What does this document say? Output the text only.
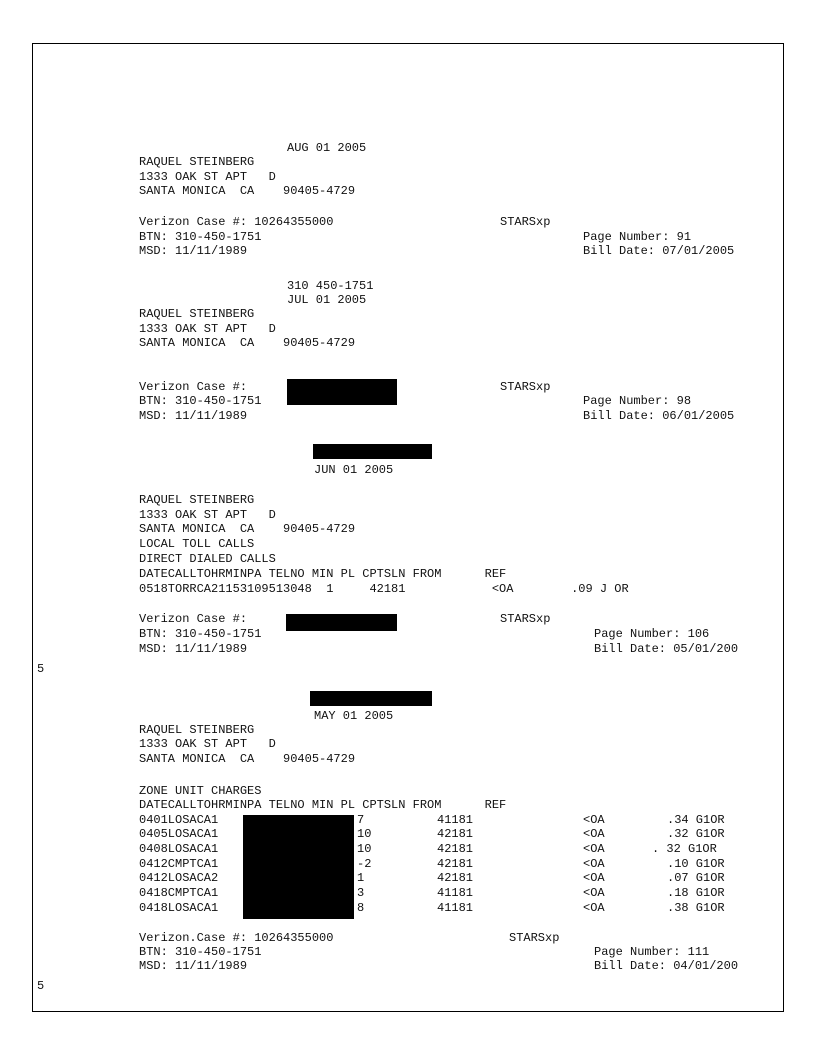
AUG 01 2005
RAQUEL STEINBERG
1333 OAK ST APT   D
SANTA MONICA  CA    90405-4729
Verizon Case #: 10264355000	STARSxp
BTN: 310-450-1751	Page Number: 91
MSD: 11/11/1989	Bill Date: 07/01/2005
310 450-1751
JUL 01 2005
RAQUEL STEINBERG
1333 OAK ST APT   D
SANTA MONICA  CA    90405-4729
Verizon Case #:	STARSxp
BTN: 310-450-1751	Page Number: 98
MSD: 11/11/1989	Bill Date: 06/01/2005
JUN 01 2005
RAQUEL STEINBERG
1333 OAK ST APT   D
SANTA MONICA  CA    90405-4729
LOCAL TOLL CALLS
DIRECT DIALED CALLS
DATECALLTOHRMINPA TELNO MIN PL CPTSLN FROM      REF
0518TORRCA21153109513048  1     42181            <OA        .09 J OR
Verizon Case #:	STARSxp
BTN: 310-450-1751	Page Number: 106
MSD: 11/11/1989	Bill Date: 05/01/200
5
MAY 01 2005
RAQUEL STEINBERG
1333 OAK ST APT   D
SANTA MONICA  CA    90405-4729
ZONE UNIT CHARGES
DATECALLTOHRMINPA TELNO MIN PL CPTSLN FROM      REF
0401LOSACA1	7	41181	<OA	.34 G1OR
0405LOSACA1	10	42181	<OA	.32 G1OR
0408LOSACA1	10	42181	<OA	. 32 G1OR
0412CMPTCA1	-2	42181	<OA	.10 G1OR
0412LOSACA2	1	42181	<OA	.07 G1OR
0418CMPTCA1	3	41181	<OA	.18 G1OR
0418LOSACA1	8	41181	<OA	.38 G1OR
Verizon.Case #: 10264355000	STARSxp
BTN: 310-450-1751	Page Number: 111
MSD: 11/11/1989	Bill Date: 04/01/200
5
